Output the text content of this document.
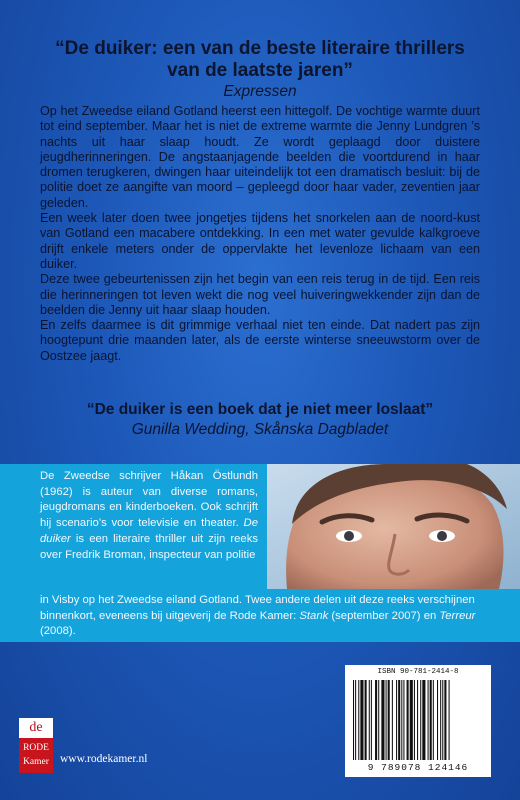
“De duiker: een van de beste literaire thrillers van de laatste jaren”
Expressen

Op het Zweedse eiland Gotland heerst een hittegolf. De vochtige warmte duurt tot eind september. Maar het is niet de extreme warmte die Jenny Lundgren ’s nachts uit haar slaap houdt. Ze wordt geplaagd door duistere jeugdherinneringen. De angstaanjagende beelden die voortdurend in haar dromen terugkeren, dwingen haar uiteindelijk tot een dramatisch besluit: bij de politie doet ze aangifte van moord – gepleegd door haar vader, zeventien jaar geleden.

Een week later doen twee jongetjes tijdens het snorkelen aan de noord-kust van Gotland een macabere ontdekking. In een met water gevulde kalkgroeve drijft enkele meters onder de oppervlakte het levenloze lichaam van een duiker.

Deze twee gebeurtenissen zijn het begin van een reis terug in de tijd. Een reis die herinneringen tot leven wekt die nog veel huiveringwekkender zijn dan de beelden die Jenny uit haar slaap houden.

En zelfs daarmee is dit grimmige verhaal niet ten einde. Dat nadert pas zijn hoogtepunt drie maanden later, als de eerste winterse sneeuwstorm over de Oostzee jaagt.

“De duiker is een boek dat je niet meer loslaat”
Gunilla Wedding, Skånska Dagbladet
De Zweedse schrijver Håkan Östlundh (1962) is auteur van diverse romans, jeugdromans en kinderboeken. Ook schrijft hij scenario’s voor televisie en theater. De duiker is een literaire thriller uit zijn reeks over Fredrik Broman, inspecteur van politie
in Visby op het Zweedse eiland Gotland. Twee andere delen uit deze reeks verschijnen binnenkort, eveneens bij uitgeverij de Rode Kamer: Stank (september 2007) en Terreur (2008).
ISBN 90-781-2414-8
9 789078 124146
de
RODE
Kamer www.rodekamer.nl
